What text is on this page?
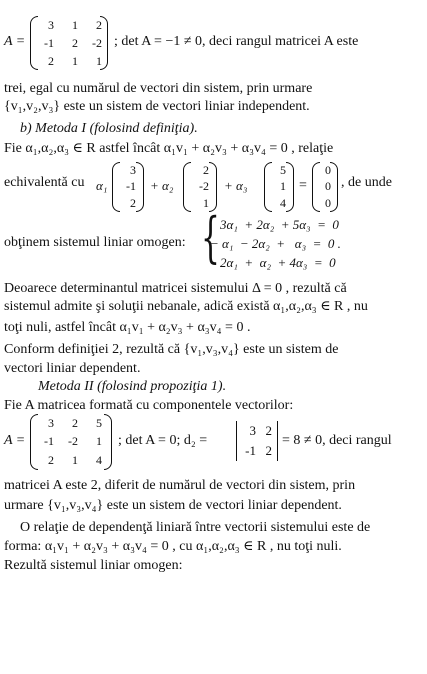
A =
3 1 2
-1 2 -2
2 1 1
; det A = −1 ≠ 0, deci rangul matricei A este
trei, egal cu numărul de vectori din sistem, prin urmare
{v₁,v₂,v₃} este un sistem de vectori liniar independent.
b) Metoda I (folosind definiţia).
Fie α₁,α₂,α₃ ∈ R astfel încât α₁v₁ + α₂v₃ + α₃v₄ = 0 , relaţie
echivalentă cu α₁
3
-1
2
+ α₂
2
-2
1
+ α₃
5
1
4
=
0
0
0
, de unde
obţinem sistemul liniar omogen: { 3α₁  + 2α₂  + 5α₃  =  0
− α₁  − 2α₂  +   α₃  =  0 .
2α₁  +  α₂  + 4α₃  =  0
Deoarece determinantul matricei sistemului Δ = 0 , rezultă că
sistemul admite şi soluţii nebanale, adică există α₁,α₂,α₃ ∈ R , nu
toţi nuli, astfel încât α₁v₁ + α₂v₃ + α₃v₄ = 0 .
Conform definiţiei 2, rezultă că {v₁,v₃,v₄} este un sistem de
vectori liniar dependent.
Metoda II (folosind propoziţia 1).
Fie A matricea formată cu componentele vectorilor:
A =
3 2 5
-1 -2 1
2 1 4
; det A = 0; d₂ =
3 2
-1 2
= 8 ≠ 0, deci rangul
matricei A este 2, diferit de numărul de vectori din sistem, prin
urmare {v₁,v₃,v₄} este un sistem de vectori liniar dependent.
O relaţie de dependenţă liniară între vectorii sistemului este de
forma: α₁v₁ + α₂v₃ + α₃v₄ = 0 , cu α₁,α₂,α₃ ∈ R , nu toţi nuli.
Rezultă sistemul liniar omogen:
